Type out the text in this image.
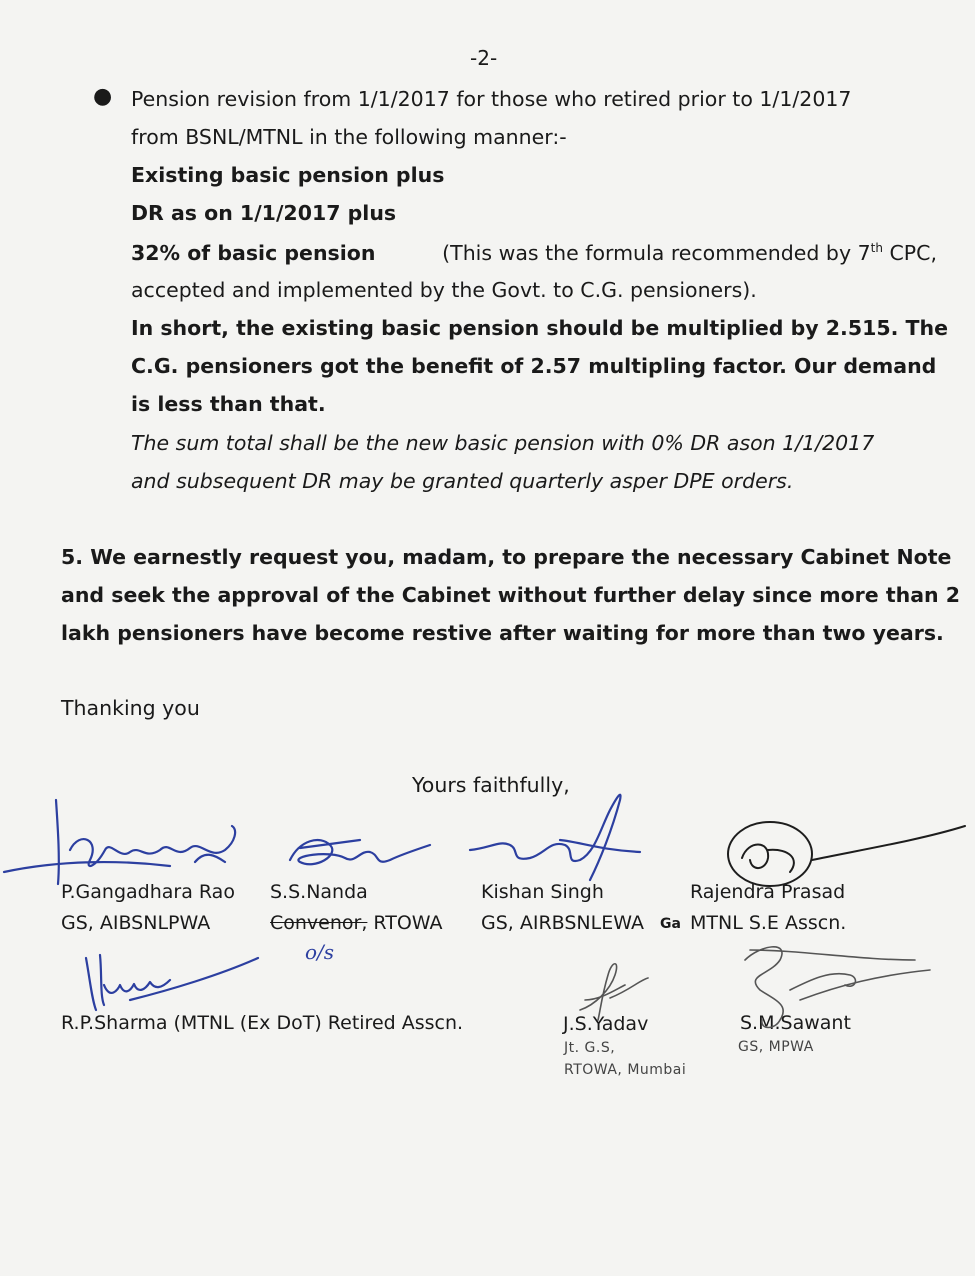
-2-
● Pension revision from 1/1/2017 for those who retired prior to 1/1/2017
from BSNL/MTNL in the following manner:-
Existing basic pension plus
DR as on 1/1/2017 plus
32% of basic pension	(This was the formula recommended by 7th CPC,
accepted and implemented by the Govt. to C.G. pensioners).
In short, the existing basic pension should be multiplied by 2.515. The
C.G. pensioners got the benefit of 2.57 multipling factor. Our demand
is less than that.
The sum total shall be the new basic pension with 0% DR ason 1/1/2017
and subsequent DR may be granted quarterly asper DPE orders.
5. We earnestly request you, madam, to prepare the necessary Cabinet Note
and seek the approval of the Cabinet without further delay since more than 2
lakh pensioners have become restive after waiting for more than two years.
Thanking you
Yours faithfully,
P.Gangadhara Rao
GS, AIBSNLPWA
S.S.Nanda
Convenor, RTOWA
o/s
Kishan Singh
GS, AIRBSNLEWA
Rajendra Prasad
MTNL S.E Asscn.
Ga
R.P.Sharma (MTNL (Ex DoT) Retired Asscn.	J.S.Yadav
Jt. G.S,
RTOWA, Mumbai
S.M.Sawant
GS, MPWA
